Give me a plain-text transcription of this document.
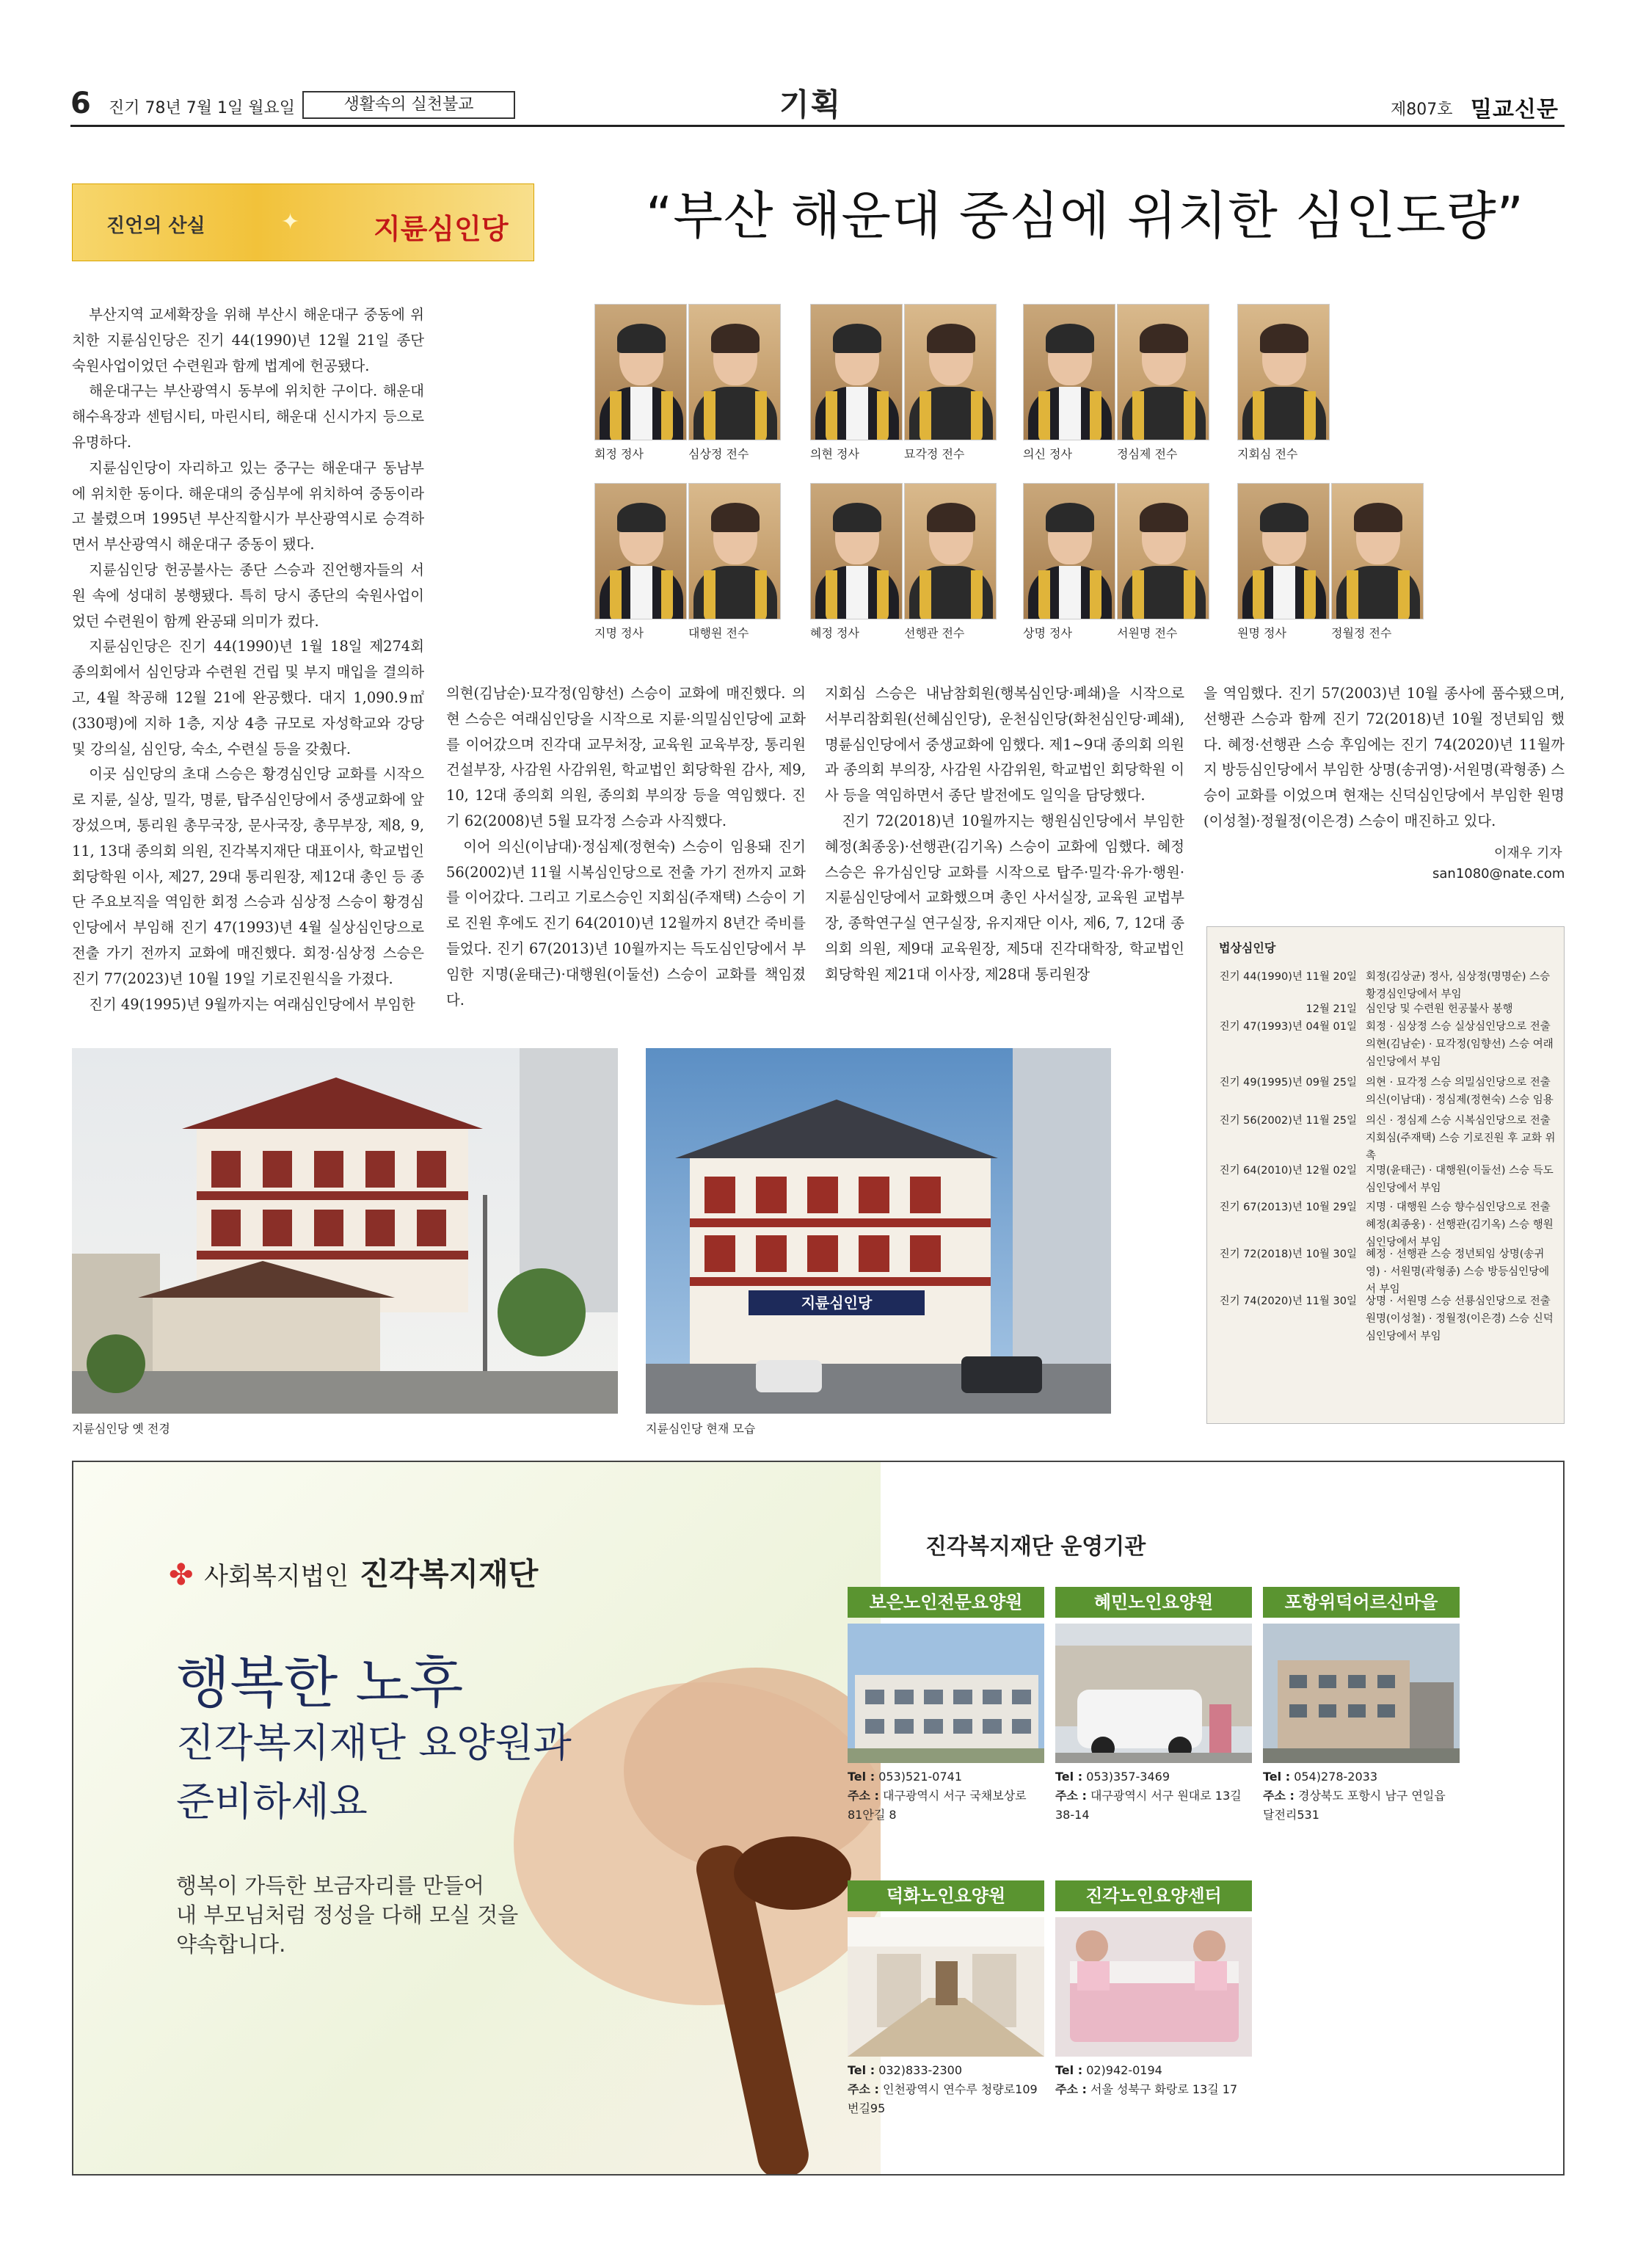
6 진기 78년 7월 1일 월요일	생활속의 실천불교	기획	제807호 밀교신문
진언의 산실	✦	지륜심인당	“부산 해운대 중심에 위치한 심인도량”

부산지역 교세확장을 위해 부산시 해운대구 중동에 위치한 지륜심인당은 진기 44(1990)년 12월 21일 종단 숙원사업이었던 수련원과 함께 법계에 헌공됐다.

해운대구는 부산광역시 동부에 위치한 구이다. 해운대해수욕장과 센텀시티, 마린시티, 해운대 신시가지 등으로 유명하다.

지륜심인당이 자리하고 있는 중구는 해운대구 동남부에 위치한 동이다. 해운대의 중심부에 위치하여 중동이라고 불렸으며 1995년 부산직할시가 부산광역시로 승격하면서 부산광역시 해운대구 중동이 됐다.

지륜심인당 헌공불사는 종단 스승과 진언행자들의 서원 속에 성대히 봉행됐다. 특히 당시 종단의 숙원사업이었던 수련원이 함께 완공돼 의미가 컸다.

지륜심인당은 진기 44(1990)년 1월 18일 제274회 종의회에서 심인당과 수련원 건립 및 부지 매입을 결의하고, 4월 착공해 12월 21에 완공했다. 대지 1,090.9㎡(330평)에 지하 1층, 지상 4층 규모로 자성학교와 강당 및 강의실, 심인당, 숙소, 수련실 등을 갖췄다.

이곳 심인당의 초대 스승은 황경심인당 교화를 시작으로 지륜, 실상, 밀각, 명륜, 탑주심인당에서 중생교화에 앞장섰으며, 통리원 총무국장, 문사국장, 총무부장, 제8, 9, 11, 13대 종의회 의원, 진각복지재단 대표이사, 학교법인 회당학원 이사, 제27, 29대 통리원장, 제12대 총인 등 종단 주요보직을 역임한 회정 스승과 심상정 스승이 황경심인당에서 부임해 진기 47(1993)년 4월 실상심인당으로 전출 가기 전까지 교화에 매진했다. 회정·심상정 스승은 진기 77(2023)년 10월 19일 기로진원식을 가졌다.

진기 49(1995)년 9월까지는 여래심인당에서 부임한

의현(김남순)·묘각정(임향선) 스승이 교화에 매진했다. 의현 스승은 여래심인당을 시작으로 지륜·의밀심인당에 교화를 이어갔으며 진각대 교무처장, 교육원 교육부장, 통리원 건설부장, 사감원 사감위원, 학교법인 회당학원 감사, 제9, 10, 12대 종의회 의원, 종의회 부의장 등을 역임했다. 진기 62(2008)년 5월 묘각정 스승과 사직했다.

이어 의신(이남대)·정심제(정현숙) 스승이 임용돼 진기 56(2002)년 11월 시복심인당으로 전출 가기 전까지 교화를 이어갔다. 그리고 기로스승인 지회심(주재택) 스승이 기로 진원 후에도 진기 64(2010)년 12월까지 8년간 죽비를 들었다. 진기 67(2013)년 10월까지는 득도심인당에서 부임한 지명(윤태근)·대행원(이둘선) 스승이 교화를 책임졌다.

지회심 스승은 내남참회원(행복심인당·폐쇄)을 시작으로 서부리참회원(선혜심인당), 운천심인당(화천심인당·폐쇄), 명륜심인당에서 중생교화에 임했다. 제1~9대 종의회 의원과 종의회 부의장, 사감원 사감위원, 학교법인 회당학원 이사 등을 역임하면서 종단 발전에도 일익을 담당했다.

진기 72(2018)년 10월까지는 행원심인당에서 부임한 혜정(최종웅)·선행관(김기옥) 스승이 교화에 임했다. 혜정 스승은 유가심인당 교화를 시작으로 탑주·밀각·유가·행원·지륜심인당에서 교화했으며 총인 사서실장, 교육원 교법부장, 종학연구실 연구실장, 유지재단 이사, 제6, 7, 12대 종의회 의원, 제9대 교육원장, 제5대 진각대학장, 학교법인 회당학원 제21대 이사장, 제28대 통리원장

을 역임했다. 진기 57(2003)년 10월 종사에 품수됐으며, 선행관 스승과 함께 진기 72(2018)년 10월 정년퇴임 했다. 혜정·선행관 스승 후임에는 진기 74(2020)년 11월까지 방등심인당에서 부임한 상명(송귀영)·서원명(곽형종) 스승이 교화를 이었으며 현재는 신덕심인당에서 부임한 원명(이성철)·정월정(이은경) 스승이 매진하고 있다.

이재우 기자
san1080@nate.com
회정 정사	심상정 전수	의현 정사	묘각정 전수	의신 정사	정심제 전수	지회심 전수
지명 정사	대행원 전수	혜정 정사	선행관 전수	상명 정사	서원명 전수	원명 정사	정월정 전수
지륜심인당 옛 전경
지륜심인당
지륜심인당 현재 모습
법상심인당
진기 44(1990)년 11월 20일 회정(김상균) 정사, 심상정(명명순) 스승 황경심인당에서 부임
12월 21일 심인당 및 수련원 헌공불사 봉행
진기 47(1993)년 04월 01일 회정 · 심상정 스승 실상심인당으로 전출 의현(김남순) · 묘각정(임향선) 스승 여래심인당에서 부임
진기 49(1995)년 09월 25일 의현 · 묘각정 스승 의밀심인당으로 전출 의신(이남대) · 정심제(정현숙) 스승 임용
진기 56(2002)년 11월 25일 의신 · 정심제 스승 시복심인당으로 전출 지회심(주재택) 스승 기로진원 후 교화 위촉
진기 64(2010)년 12월 02일 지명(윤태근) · 대행원(이둘선) 스승 득도심인당에서 부임
진기 67(2013)년 10월 29일 지명 · 대행원 스승 향수심인당으로 전출 혜정(최종웅) · 선행관(김기옥) 스승 행원심인당에서 부임
진기 72(2018)년 10월 30일 혜정 · 선행관 스승 정년퇴임 상명(송귀영) · 서원명(곽형종) 스승 방등심인당에서 부임
진기 74(2020)년 11월 30일 상명 · 서원명 스승 선룡심인당으로 전출 원명(이성철) · 정월정(이은경) 스승 신덕심인당에서 부임
✤ 사회복지법인 진각복지재단
행복한 노후
진각복지재단 요양원과
준비하세요
행복이 가득한 보금자리를 만들어
내 부모님처럼 정성을 다해 모실 것을
약속합니다.
진각복지재단 운영기관
보은노인전문요양원
Tel : 053)521-0741
주소 : 대구광역시 서구 국채보상로 81안길 8
혜민노인요양원
Tel : 053)357-3469
주소 : 대구광역시 서구 원대로 13길 38-14
포항위덕어르신마을
Tel : 054)278-2033
주소 : 경상북도 포항시 남구 연일읍 달전리531
덕화노인요양원
Tel : 032)833-2300
주소 : 인천광역시 연수루 청량로109 번길95
진각노인요양센터
Tel : 02)942-0194
주소 : 서울 성북구 화랑로 13길 17
